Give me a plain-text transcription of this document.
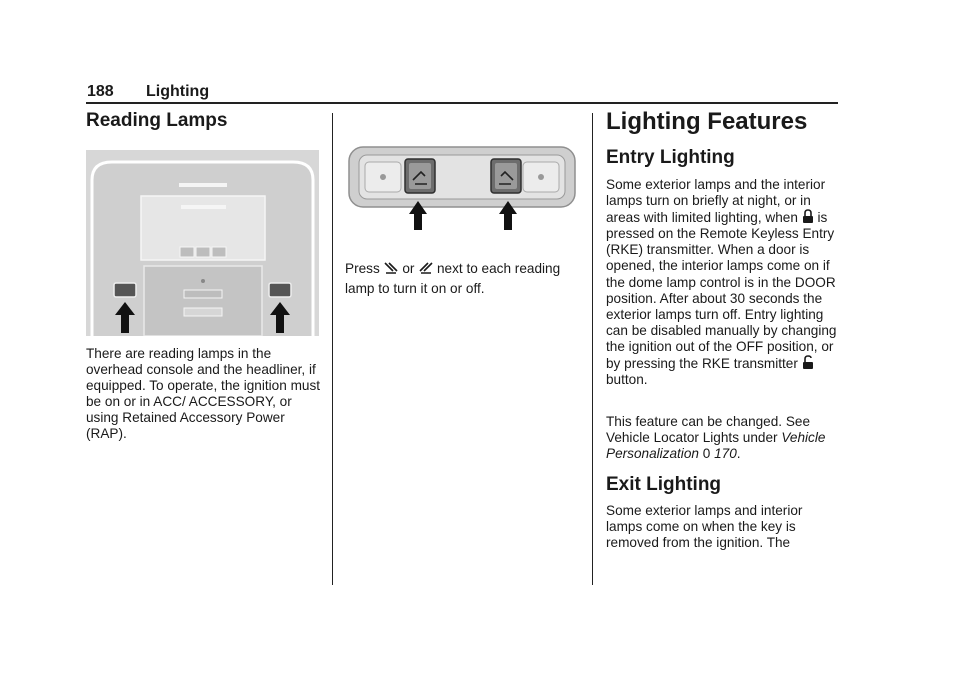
188 Lighting
Reading Lamps
There are reading lamps in the overhead console and the headliner, if equipped. To operate, the ignition must be on or in ACC/ ACCESSORY, or using Retained Accessory Power (RAP).
Press or next to each reading lamp to turn it on or off.
Lighting Features
Entry Lighting
Some exterior lamps and the interior lamps turn on briefly at night, or in areas with limited lighting, when is pressed on the Remote Keyless Entry (RKE) transmitter. When a door is opened, the interior lamps come on if the dome lamp control is in the DOOR position. After about 30 seconds the exterior lamps turn off. Entry lighting can be disabled manually by changing the ignition out of the OFF position, or by pressing the RKE transmitter  button.
This feature can be changed. See Vehicle Locator Lights under Vehicle Personalization 0 170.
Exit Lighting
Some exterior lamps and interior lamps come on when the key is removed from the ignition. The
